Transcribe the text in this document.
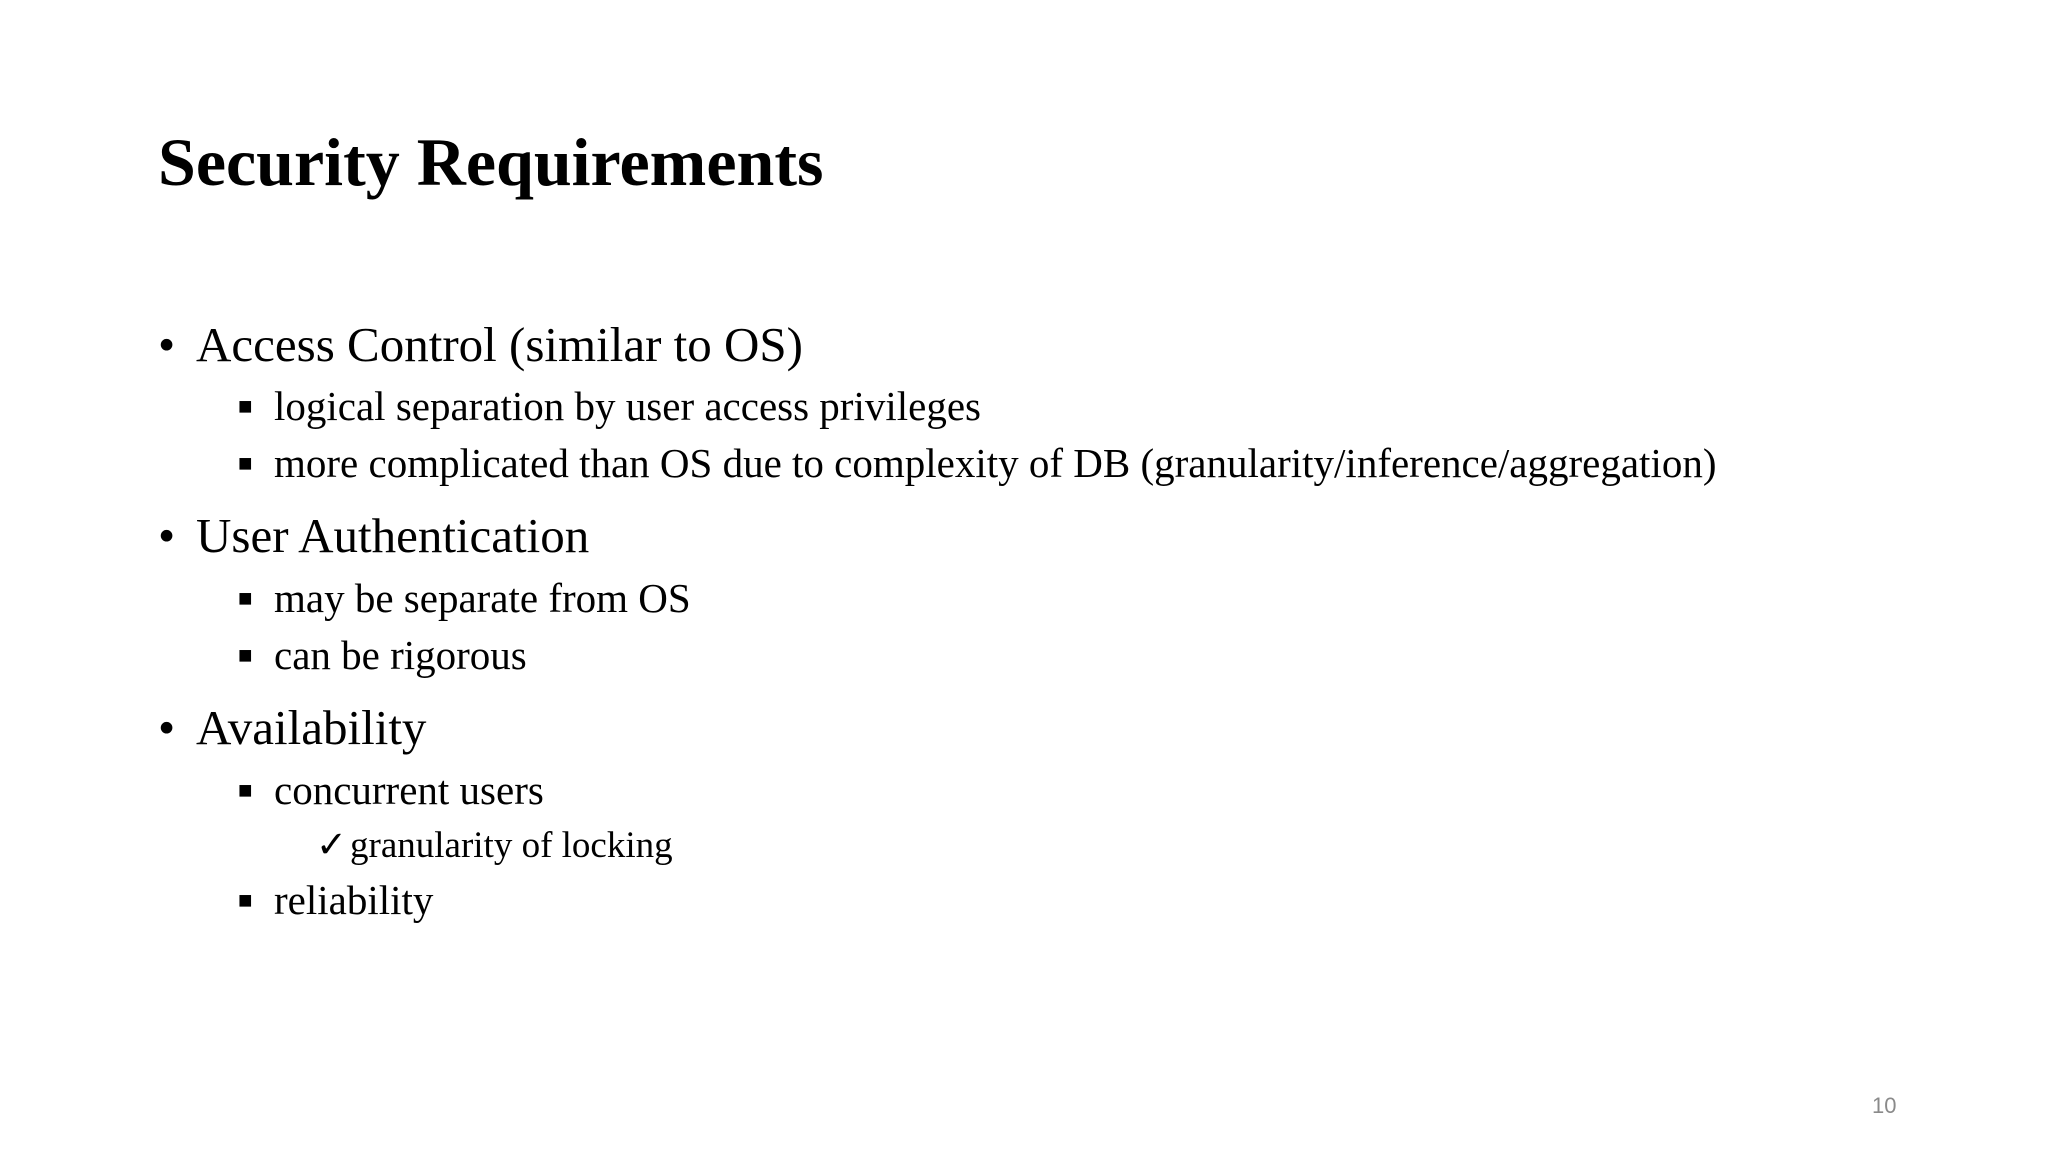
Security Requirements
• Access Control (similar to OS)
■ logical separation by user access privileges
■ more complicated than OS due to complexity of DB (granularity/inference/aggregation)
• User Authentication
■ may be separate from OS
■ can be rigorous
• Availability
■ concurrent users
✓granularity of locking
■ reliability
10
